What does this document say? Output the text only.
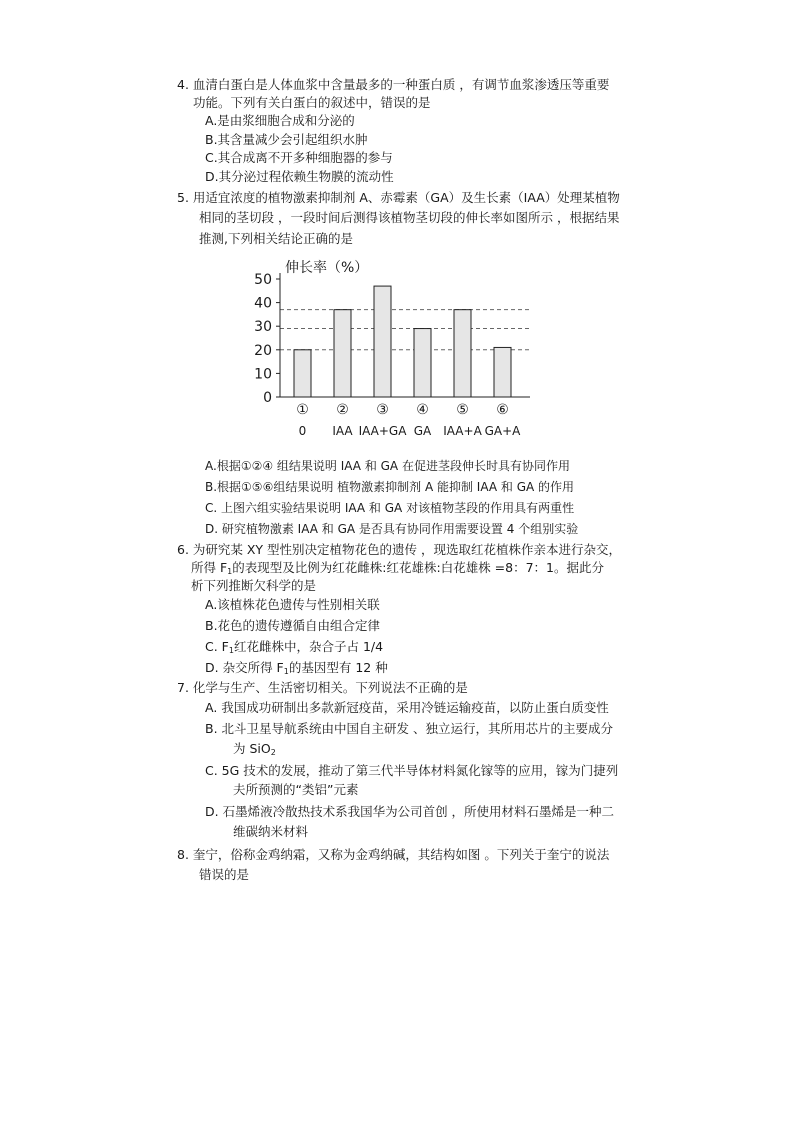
4. 血清白蛋白是人体血浆中含量最多的一种蛋白质 ，有调节血浆渗透压等重要
功能。下列有关白蛋白的叙述中，错误的是
A.是由浆细胞合成和分泌的
B.其含量减少会引起组织水肿
C.其合成离不开多种细胞器的参与
D.其分泌过程依赖生物膜的流动性
5. 用适宜浓度的植物激素抑制剂 A、赤霉素（GA）及生长素（IAA）处理某植物
相同的茎切段 ，一段时间后测得该植物茎切段的伸长率如图所示 ，根据结果
推测,下列相关结论正确的是
0
10
20
30
40
50
①
0
②
IAA
③
IAA+GA
④
GA
⑤
IAA+A
⑥
GA+A
伸长率（%）
A.根据①②④ 组结果说明 IAA 和 GA 在促进茎段伸长时具有协同作用
B.根据①⑤⑥组结果说明 植物激素抑制剂 A 能抑制 IAA 和 GA 的作用
C. 上图六组实验结果说明 IAA 和 GA 对该植物茎段的作用具有两重性
D. 研究植物激素 IAA 和 GA 是否具有协同作用需要设置 4 个组别实验
6. 为研究某 XY 型性别决定植物花色的遗传 ，现选取红花植株作亲本进行杂交，
所得 $F_1$的表现型及比例为红花雌株:红花雄株:白花雄株 =8：7：1。据此分
析下列推断欠科学的是
A.该植株花色遗传与性别相关联
B.花色的遗传遵循自由组合定律
C. $F_1$红花雌株中，杂合子占 1/4
D. 杂交所得 $F_1$的基因型有 12 种
7. 化学与生产、生活密切相关。下列说法不正确的是
A. 我国成功研制出多款新冠疫苗，采用冷链运输疫苗，以防止蛋白质变性
B. 北斗卫星导航系统由中国自主研发 、独立运行，其所用芯片的主要成分
为 SiO$_2$
C. 5G 技术的发展，推动了第三代半导体材料氮化镓等的应用，镓为门捷列
夫所预测的“类铝”元素
D. 石墨烯液冷散热技术系我国华为公司首创 ，所使用材料石墨烯是一种二
维碳纳米材料
8. 奎宁，俗称金鸡纳霜，又称为金鸡纳碱，其结构如图 。下列关于奎宁的说法
错误的是
